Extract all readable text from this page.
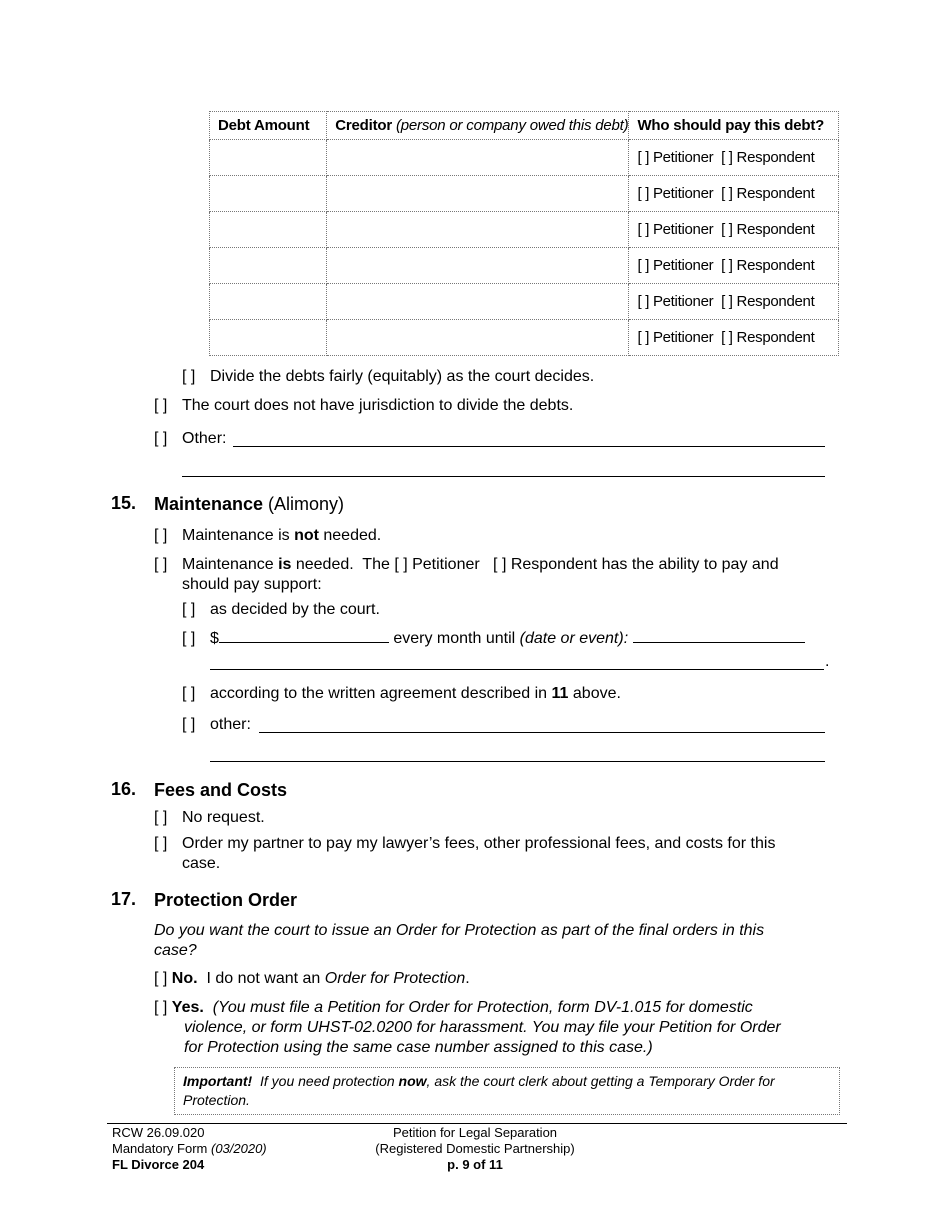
Debt Amount	Creditor (person or company owed this debt)	Who should pay this debt?
		[ ] Petitioner [ ] Respondent
		[ ] Petitioner [ ] Respondent
		[ ] Petitioner [ ] Respondent
		[ ] Petitioner [ ] Respondent
		[ ] Petitioner [ ] Respondent
		[ ] Petitioner [ ] Respondent
[ ] Divide the debts fairly (equitably) as the court decides.
[ ] The court does not have jurisdiction to divide the debts.
[ ] Other:
15. Maintenance (Alimony)
[ ] Maintenance is not needed.
[ ] Maintenance is needed.  The [ ] Petitioner [ ] Respondent has the ability to pay and
should pay support:
[ ] as decided by the court.
[ ] $	every month until (date or event):
.
[ ] according to the written agreement described in 11 above.
[ ] other:
16. Fees and Costs
[ ] No request.
[ ] Order my partner to pay my lawyer’s fees, other professional fees, and costs for this
case.
17. Protection Order
Do you want the court to issue an Order for Protection as part of the final orders in this
case?
[ ] No.  I do not want an Order for Protection.
[ ] Yes. (You must file a Petition for Order for Protection, form DV-1.015 for domestic
violence, or form UHST-02.0200 for harassment. You may file your Petition for Order
for Protection using the same case number assigned to this case.)
Important!  If you need protection now, ask the court clerk about getting a Temporary Order for
Protection.
RCW 26.09.020
Mandatory Form (03/2020)
FL Divorce 204
Petition for Legal Separation
(Registered Domestic Partnership)
p. 9 of 11
